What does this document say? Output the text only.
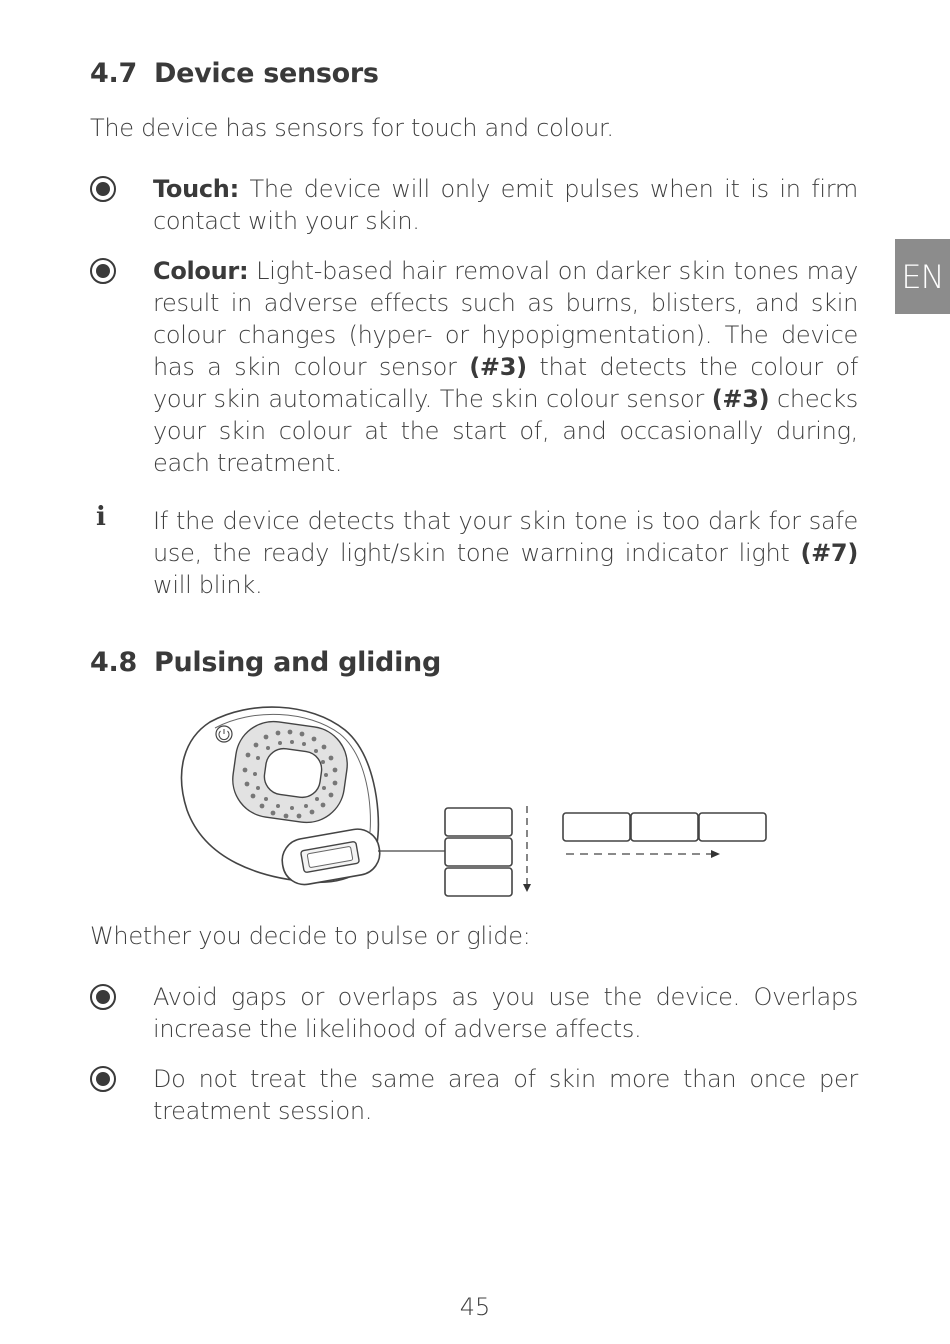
4.7 Device sensors

The device has sensors for touch and colour.

Touch: The device will only emit pulses when it is in firm contact with your skin.
Colour: Light-based hair removal on darker skin tones may result in adverse effects such as burns, blisters, and skin colour changes (hyper- or hypopigmentation). The device has a skin colour sensor (#3) that detects the colour of your skin automatically. The skin colour sensor (#3) checks your skin colour at the start of, and occasionally during, each treatment.
i If the device detects that your skin tone is too dark for safe use, the ready light/skin tone warning indicator light (#7) will blink.
4.8 Pulsing and gliding

Whether you decide to pulse or glide:

Avoid gaps or overlaps as you use the device. Overlaps increase the likelihood of adverse affects.
Do not treat the same area of skin more than once per treatment session.
EN
45
